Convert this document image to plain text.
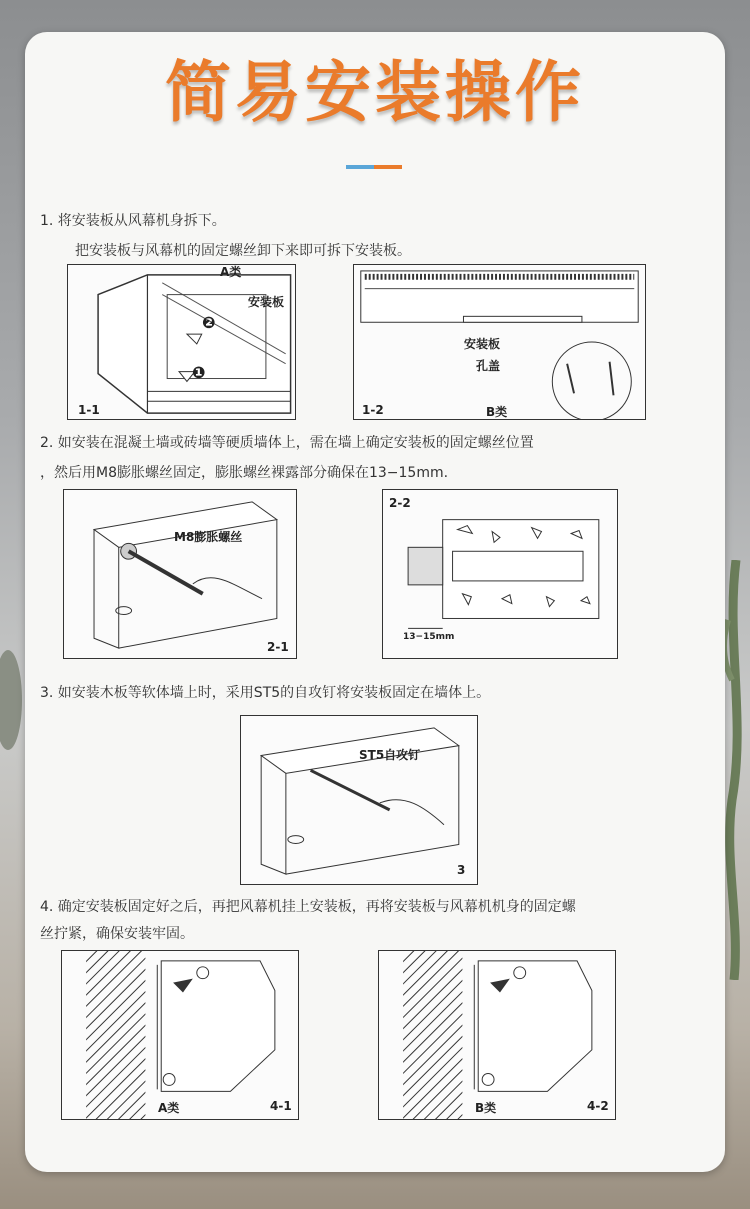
简易安装操作
1. 将安装板从风幕机身拆下。
把安装板与风幕机的固定螺丝卸下来即可拆下安装板。
A类
安装板
❷
❶
1-1
安装板
孔盖
1-2	B类
2. 如安装在混凝土墙或砖墙等硬质墙体上，需在墙上确定安装板的固定螺丝位置
，然后用M8膨胀螺丝固定，膨胀螺丝裸露部分确保在13−15mm.
M8膨胀螺丝
2-1
2-2
13−15mm
3. 如安装木板等软体墙上时，采用ST5的自攻钉将安装板固定在墙体上。
ST5自攻钉
3
4. 确定安装板固定好之后，再把风幕机挂上安装板，再将安装板与风幕机机身的固定螺
丝拧紧，确保安装牢固。
A类	4-1	B类	4-2
